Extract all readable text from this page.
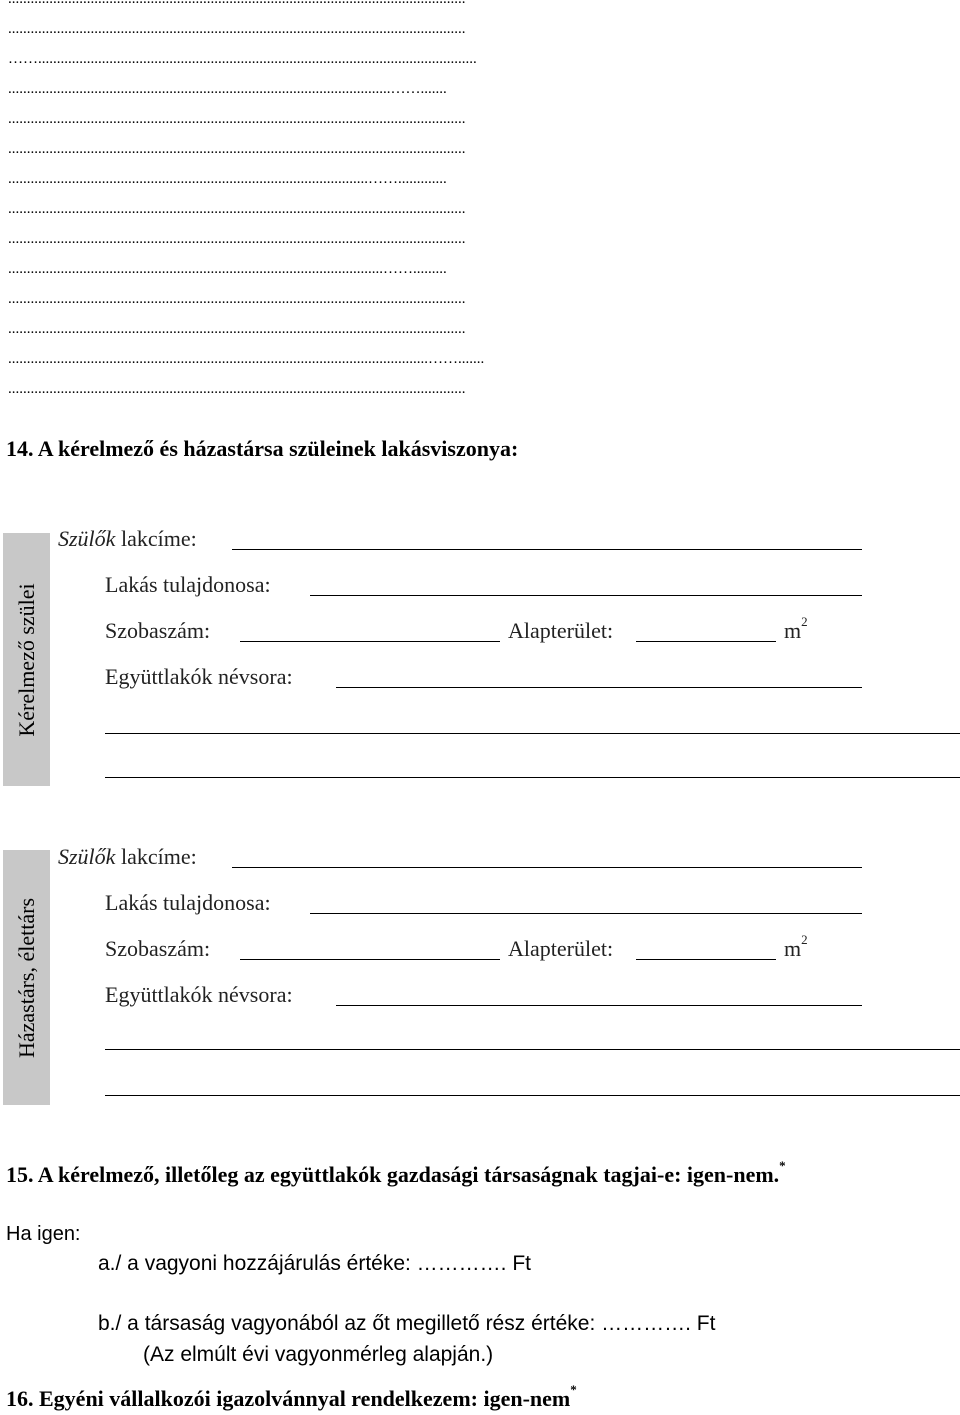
..........................................................................................................................
…….....................................................................................................................
......................................................................................................…….......
..........................................................................................................................
..........................................................................................................................
................................................................................................…….............
..........................................................................................................................
..........................................................................................................................
....................................................................................................…….........
..........................................................................................................................
..........................................................................................................................
................................................................................................................…….......
..........................................................................................................................
14. A kérelmező és házastársa szüleinek lakásviszonya:
Kérelmező szülei
Szülők lakcíme:
Lakás tulajdonosa:
Szobaszám:	Alapterület:	$m^2$
Együttlakók névsora:
Házastárs, élettárs
Szülők lakcíme:
Lakás tulajdonosa:
Szobaszám:	Alapterület:	$m^2$
Együttlakók névsora:
15. A kérelmező, illetőleg az együttlakók gazdasági társaságnak tagjai-e: igen-nem.*
Ha igen:
a./ a vagyoni hozzájárulás értéke: …………. Ft
b./ a társaság vagyonából az őt megillető rész értéke: …………. Ft
(Az elmúlt évi vagyonmérleg alapján.)
16. Egyéni vállalkozói igazolvánnyal rendelkezem: igen-nem*
